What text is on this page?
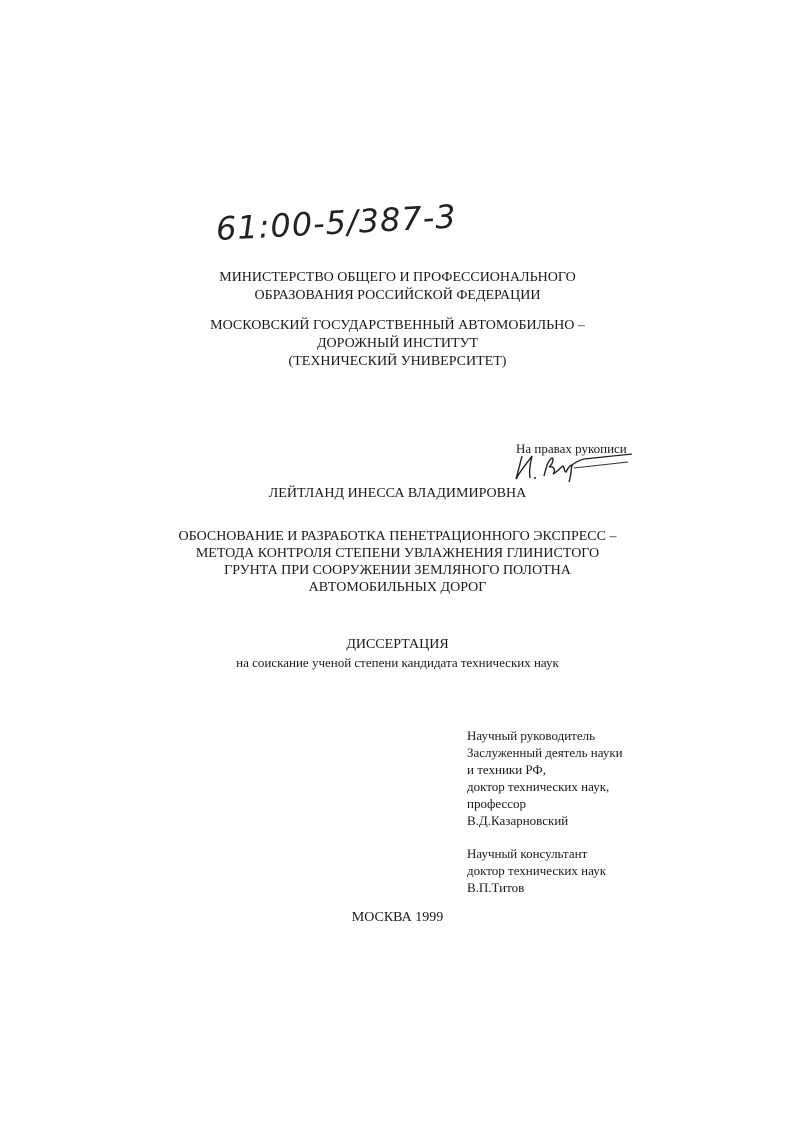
61:00-5/387-3
МИНИСТЕРСТВО ОБЩЕГО И ПРОФЕССИОНАЛЬНОГО
ОБРАЗОВАНИЯ РОССИЙСКОЙ ФЕДЕРАЦИИ
МОСКОВСКИЙ ГОСУДАРСТВЕННЫЙ АВТОМОБИЛЬНО –
ДОРОЖНЫЙ ИНСТИТУТ
(ТЕХНИЧЕСКИЙ УНИВЕРСИТЕТ)
На правах рукописи
ЛЕЙТЛАНД ИНЕССА ВЛАДИМИРОВНА
ОБОСНОВАНИЕ И РАЗРАБОТКА ПЕНЕТРАЦИОННОГО ЭКСПРЕСС –
МЕТОДА КОНТРОЛЯ СТЕПЕНИ УВЛАЖНЕНИЯ ГЛИНИСТОГО
ГРУНТА ПРИ СООРУЖЕНИИ ЗЕМЛЯНОГО ПОЛОТНА
АВТОМОБИЛЬНЫХ ДОРОГ
ДИССЕРТАЦИЯ
на соискание ученой степени кандидата технических наук
Научный руководитель
Заслуженный деятель науки
и техники РФ,
доктор технических наук,
профессор
В.Д.Казарновский
Научный консультант
доктор технических наук
В.П.Титов
МОСКВА 1999
